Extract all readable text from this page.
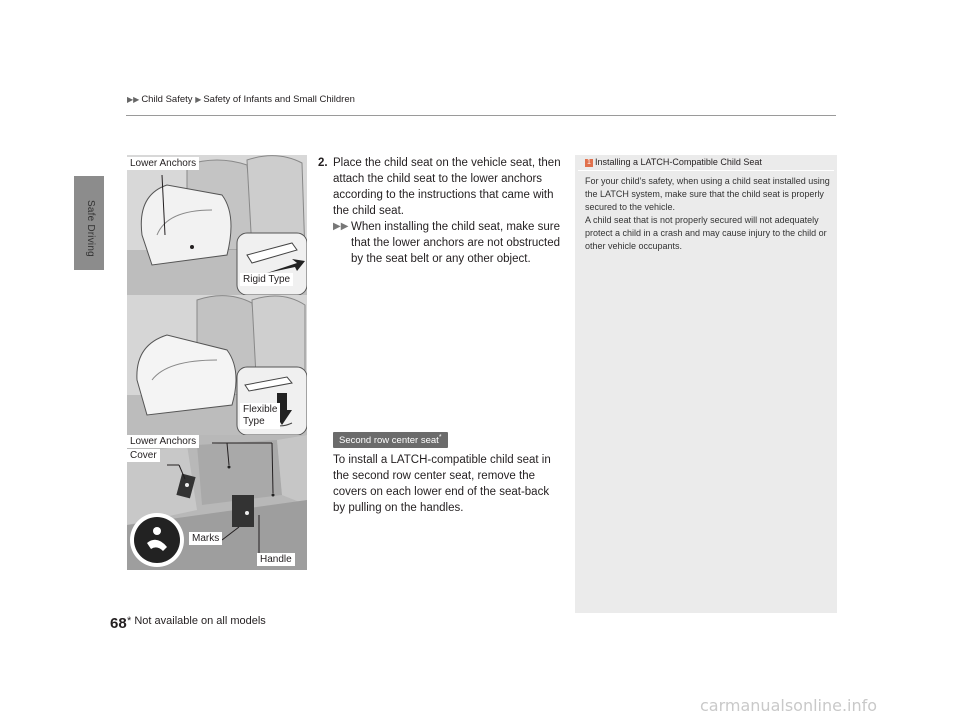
Safe Driving
▶▶ Child Safety ▶ Safety of Infants and Small Children
Lower Anchors
Rigid Type
Flexible
Type
Lower Anchors
Cover
Marks
Handle
2. Place the child seat on the vehicle seat, then attach the child seat to the lower anchors according to the instructions that came with the child seat.
▶▶ When installing the child seat, make sure that the lower anchors are not obstructed by the seat belt or any other object.
Second row center seat*
To install a LATCH-compatible child seat in the second row center seat, remove the covers on each lower end of the seat-back by pulling on the handles.
1 Installing a LATCH-Compatible Child Seat

For your child’s safety, when using a child seat installed using the LATCH system, make sure that the child seat is properly secured to the vehicle.

A child seat that is not properly secured will not adequately protect a child in a crash and may cause injury to the child or other vehicle occupants.

68 * Not available on all models
carmanualsonline.info
